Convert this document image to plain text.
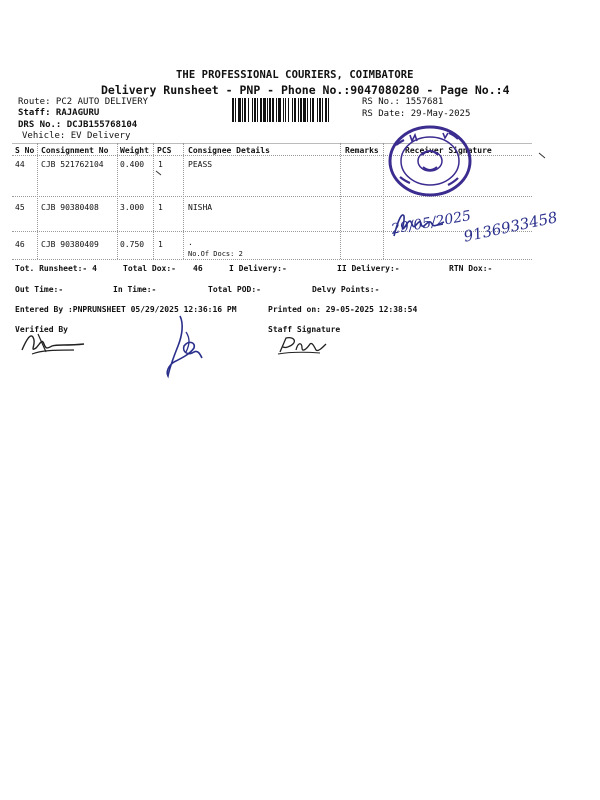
THE PROFESSIONAL COURIERS, COIMBATORE
Delivery Runsheet - PNP - Phone No.:9047080280 - Page No.:4
Route: PC2 AUTO DELIVERY
Staff: RAJAGURU
DRS No.: DCJB155768104
Vehicle: EV Delivery
RS No.: 1557681
RS Date: 29-May-2025
S No Consignment No Weight PCS Consignee Details	Remarks	Receiver Signature
44 CJB 521762104 0.400 1	PEASS
45 CJB 90380408	3.000 1	NISHA
46 CJB 90380409	0.750 1	.
No.Of Docs: 2
29/05/2025
9136933458
Tot. Runsheet:- 4	Total Dox:- 46	I Delivery:-	II Delivery:-	RTN Dox:-
Out Time:-	In Time:-	Total POD:-	Delvy Points:-
Entered By :PNPRUNSHEET 05/29/2025 12:36:16 PM	Printed on: 29-05-2025 12:38:54
Verified By	Staff Signature
